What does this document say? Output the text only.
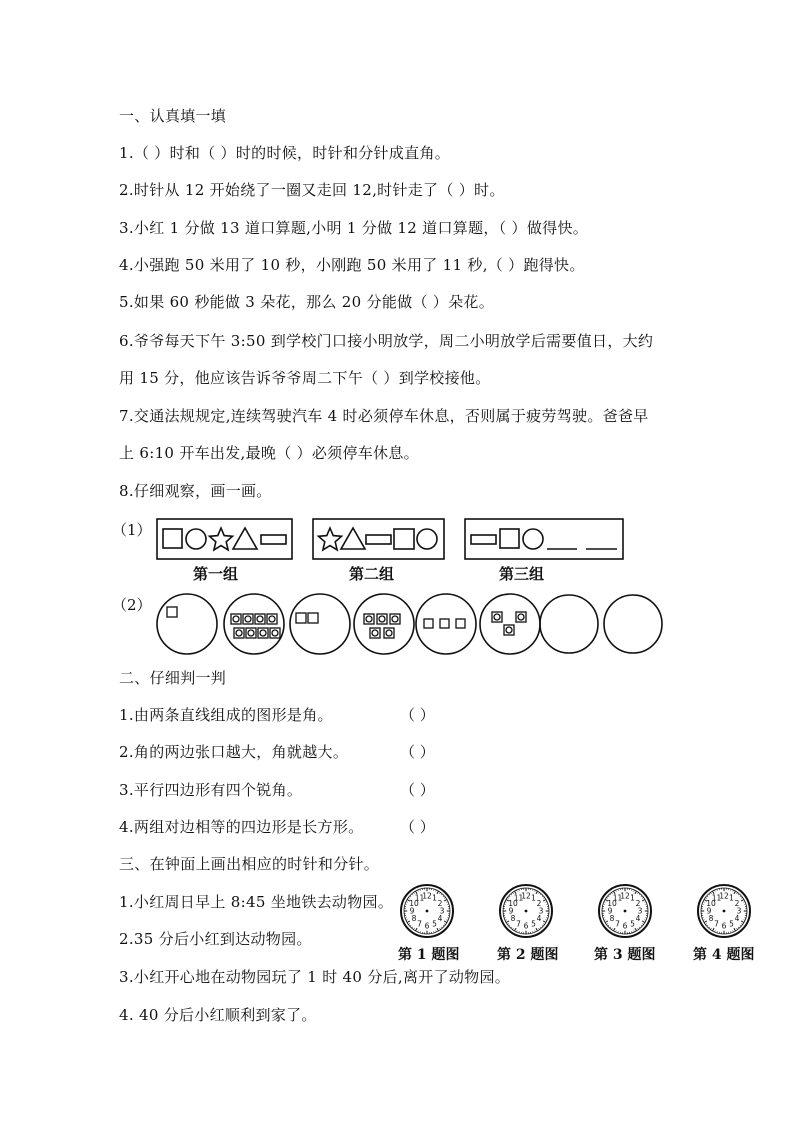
一、认真填一填
1.（ ）时和（ ）时的时候，时针和分针成直角。
2.时针从 12 开始绕了一圈又走回 12,时针走了（ ）时。
3.小红 1 分做 13 道口算题,小明 1 分做 12 道口算题，（ ）做得快。
4.小强跑 50 米用了 10 秒，小刚跑 50 米用了 11 秒,（ ）跑得快。
5.如果 60 秒能做 3 朵花，那么 20 分能做（ ）朵花。
6.爷爷每天下午 3:50 到学校门口接小明放学，周二小明放学后需要值日，大约
用 15 分，他应该告诉爷爷周二下午（ ）到学校接他。
7.交通法规规定,连续驾驶汽车 4 时必须停车休息，否则属于疲劳驾驶。爸爸早
上 6:10 开车出发,最晚（ ）必须停车休息。
8.仔细观察，画一画。
（1）
（2）
第一组	第二组	第三组
1
2
3
4
5
6
7
8
9
10
11
12	1
2
3
4
5
6
7
8
9
10
11
12	1
2
3
4
5
6
7
8
9
10
11
12	1
2
3
4
5
6
7
8
9
10
11
12
二、仔细判一判
1.由两条直线组成的图形是角。	（ ）
2.角的两边张口越大，角就越大。	（ ）
3.平行四边形有四个锐角。	（ ）
4.两组对边相等的四边形是长方形。 （ ）
三、在钟面上画出相应的时针和分针。
1.小红周日早上 8:45 坐地铁去动物园。
2.35 分后小红到达动物园。
3.小红开心地在动物园玩了 1 时 40 分后,离开了动物园。
4. 40 分后小红顺利到家了。
第 1 题图	第 2 题图	第 3 题图	第 4 题图
